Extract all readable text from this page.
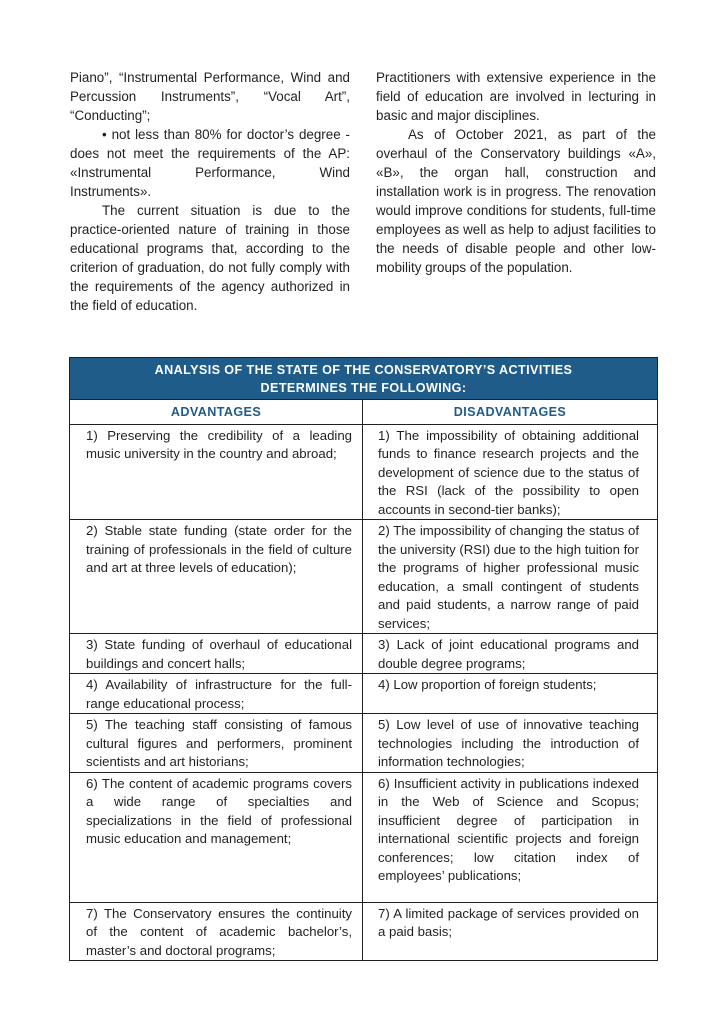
Piano”, “Instrumental Performance, Wind and Percussion Instruments”, “Vocal Art”, “Conducting”;

• not less than 80% for doctor’s degree - does not meet the requirements of the AP: «Instrumental Performance, Wind Instruments».

The current situation is due to the practice-oriented nature of training in those educational programs that, according to the criterion of graduation, do not fully comply with the requirements of the agency authorized in the field of education.

Practitioners with extensive experience in the field of education are involved in lecturing in basic and major disciplines.

As of October 2021, as part of the overhaul of the Conservatory buildings «A», «B», the organ hall, construction and installation work is in progress. The renovation would improve conditions for students, full-time employees as well as help to adjust facilities to the needs of disable people and other low-mobility groups of the population.

ANALYSIS OF THE STATE OF THE CONSERVATORY’S ACTIVITIES
DETERMINES THE FOLLOWING:	
ADVANTAGES	DISADVANTAGES
1) Preserving the credibility of a leading music university in the country and abroad;	1) The impossibility of obtaining additional funds to finance research projects and the development of science due to the status of the RSI (lack of the possibility to open accounts in second-tier banks);
2) Stable state funding (state order for the training of professionals in the field of culture and art at three levels of education);	2) The impossibility of changing the status of the university (RSI) due to the high tuition for the programs of higher professional music education, a small contingent of students and paid students, a narrow range of paid services;
3) State funding of overhaul of educational buildings and concert halls;	3) Lack of joint educational programs and double degree programs;
4) Availability of infrastructure for the full-range educational process;	4) Low proportion of foreign students;
5) The teaching staff consisting of famous cultural figures and performers, prominent scientists and art historians;	5) Low level of use of innovative teaching technologies including the introduction of information technologies;
6) The content of academic programs covers a wide range of specialties and specializations in the field of professional music education and management;	6) Insufficient activity in publications indexed in the Web of Science and Scopus; insufficient degree of participation in international scientific projects and foreign conferences; low citation index of employees’ publications;
7) The Conservatory ensures the continuity of the content of academic bachelor’s, master’s and doctoral programs;	7) A limited package of services provided on a paid basis;
